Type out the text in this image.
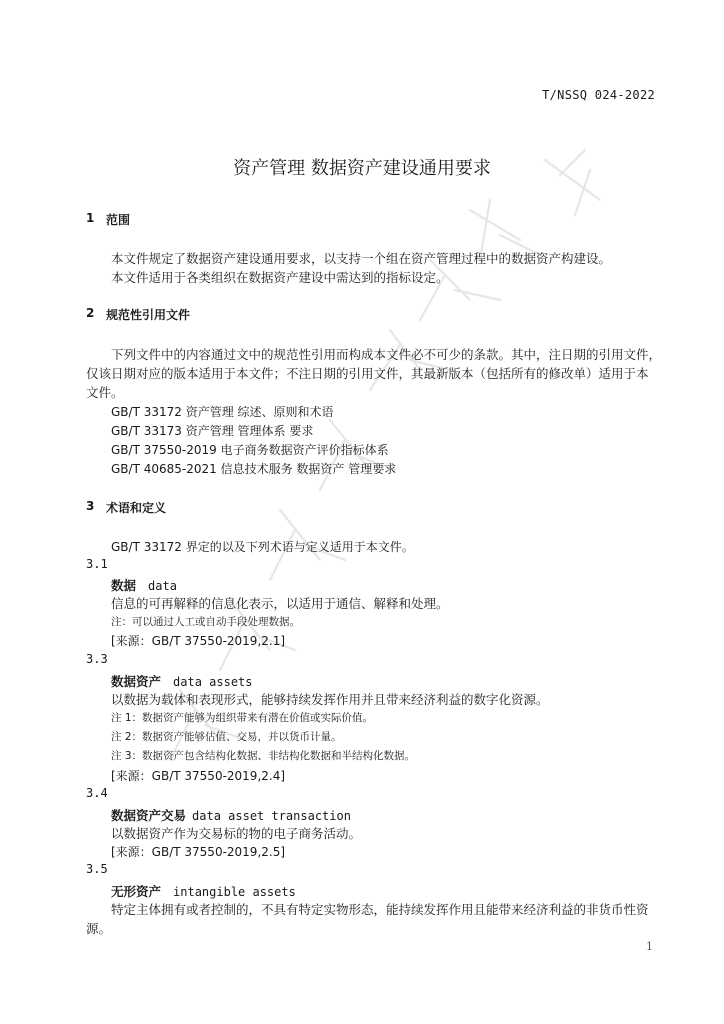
T/NSSQ 024-2022
资产管理 数据资产建设通用要求
1 范围
本文件规定了数据资产建设通用要求，以支持一个组在资产管理过程中的数据资产构建设。
本文件适用于各类组织在数据资产建设中需达到的指标设定。
2 规范性引用文件
下列文件中的内容通过文中的规范性引用而构成本文件必不可少的条款。其中，注日期的引用文件，
仅该日期对应的版本适用于本文件；不注日期的引用文件，其最新版本（包括所有的修改单）适用于本
文件。
GB/T 33172 资产管理 综述、原则和术语
GB/T 33173 资产管理 管理体系 要求
GB/T 37550-2019 电子商务数据资产评价指标体系
GB/T 40685-2021 信息技术服务 数据资产 管理要求
3 术语和定义
GB/T 33172 界定的以及下列术语与定义适用于本文件。
3.1
数据 data
信息的可再解释的信息化表示，以适用于通信、解释和处理。
注：可以通过人工或自动手段处理数据。
[来源：GB/T 37550-2019,2.1]
3.3
数据资产 data assets
以数据为载体和表现形式，能够持续发挥作用并且带来经济利益的数字化资源。
注 1：数据资产能够为组织带来有潜在价值或实际价值。
注 2：数据资产能够估值、交易，并以货币计量。
注 3：数据资产包含结构化数据、非结构化数据和半结构化数据。
[来源：GB/T 37550-2019,2.4]
3.4
数据资产交易 data asset transaction
以数据资产作为交易标的物的电子商务活动。
[来源：GB/T 37550-2019,2.5]
3.5
无形资产 intangible assets
特定主体拥有或者控制的，不具有特定实物形态，能持续发挥作用且能带来经济利益的非货币性资
源。
1
